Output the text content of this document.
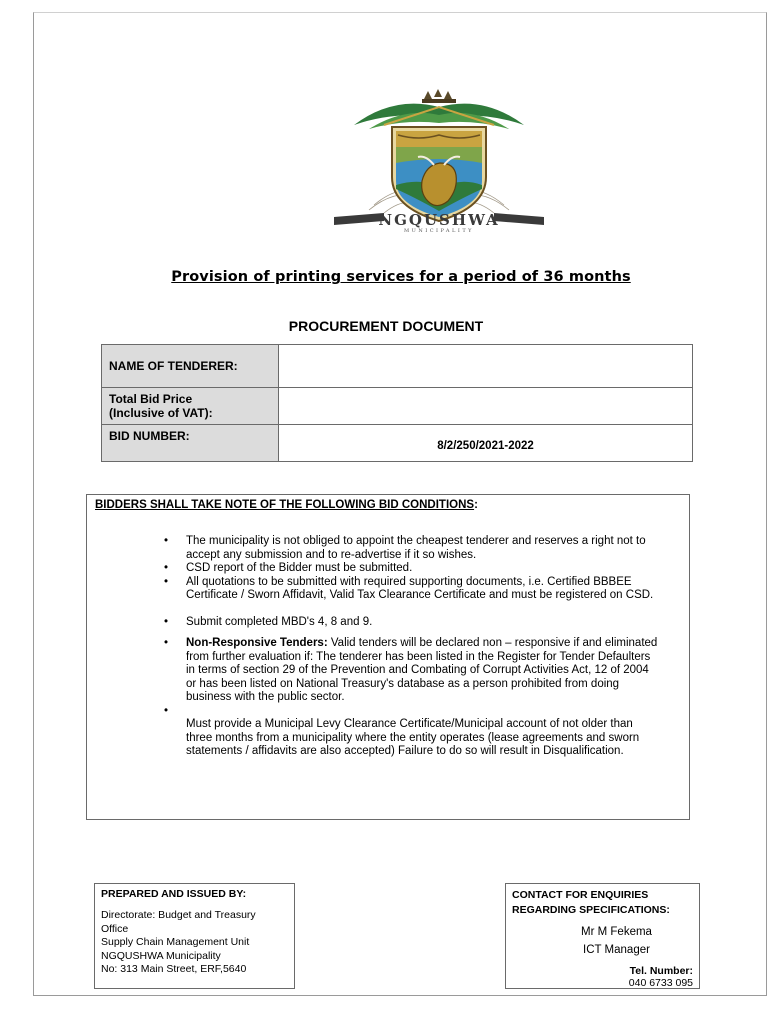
NGQUSHWA
MUNICIPALITY
Provision of printing services for a period of 36 months
PROCUREMENT DOCUMENT
NAME OF TENDERER:	

Total Bid Price
(Inclusive of VAT):	

BID NUMBER:	8/2/250/2021-2022
BIDDERS SHALL TAKE NOTE OF THE FOLLOWING BID CONDITIONS:
• The municipality is not obliged to appoint the cheapest tenderer and reserves a right not to accept any submission and to re-advertise if it so wishes.
• CSD report of the Bidder must be submitted.
• All quotations to be submitted with required supporting documents, i.e. Certified BBBEE Certificate / Sworn Affidavit, Valid Tax Clearance Certificate and must be registered on CSD.
• Submit completed MBD's 4, 8 and 9.
• Non-Responsive Tenders: Valid tenders will be declared non – responsive if and eliminated from further evaluation if: The tenderer has been listed in the Register for Tender Defaulters in terms of section 29 of the Prevention and Combating of Corrupt Activities Act, 12 of 2004 or has been listed on National Treasury's database as a person prohibited from doing business with the public sector.
•

Must provide a Municipal Levy Clearance Certificate/Municipal account of not older than three months from a municipality where the entity operates (lease agreements and sworn statements / affidavits are also accepted) Failure to do so will result in Disqualification.
PREPARED AND ISSUED BY:
Directorate: Budget and Treasury
Office
Supply Chain Management Unit
NGQUSHWA Municipality
No: 313 Main Street, ERF,5640
CONTACT FOR ENQUIRIES
REGARDING SPECIFICATIONS:
Mr M Fekema
ICT Manager
Tel. Number:
040 6733 095
